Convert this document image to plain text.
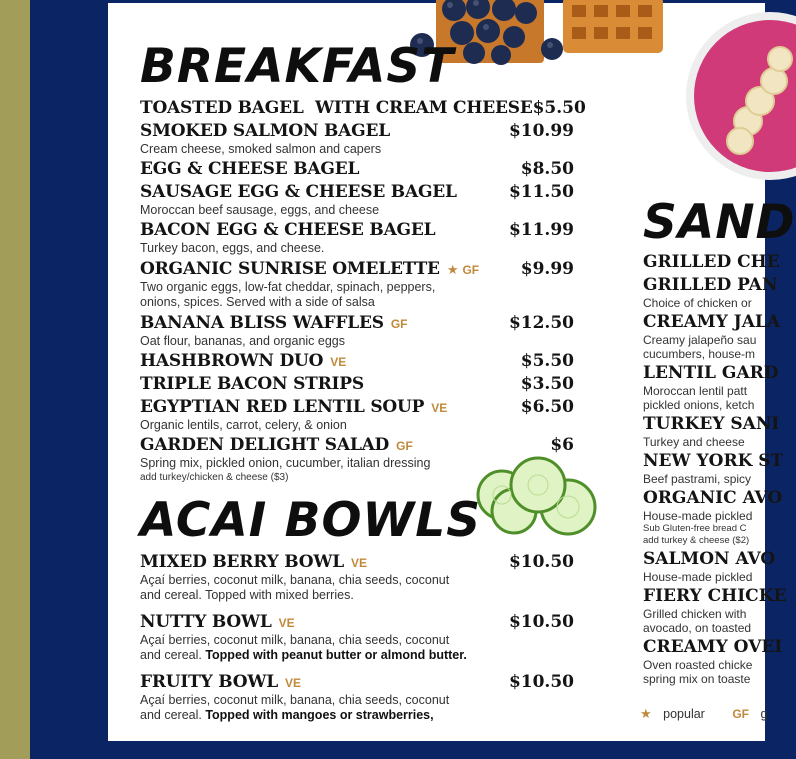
BREAKFAST
TOASTED BAGEL  WITH CREAM CHEESE $5.50
SMOKED SALMON BAGEL	$10.99
Cream cheese, smoked salmon and capers
EGG & CHEESE BAGEL	$8.50
SAUSAGE EGG & CHEESE BAGEL	$11.50
Moroccan beef sausage, eggs, and cheese
BACON EGG & CHEESE BAGEL	$11.99
Turkey bacon, eggs, and cheese.
ORGANIC SUNRISE OMELETTE ★ GF $9.99
Two organic eggs, low-fat cheddar, spinach, peppers,
onions, spices. Served with a side of salsa
BANANA BLISS WAFFLES GF	$12.50
Oat flour, bananas, and organic eggs
HASHBROWN DUO VE	$5.50
TRIPLE BACON STRIPS	$3.50
EGYPTIAN RED LENTIL SOUP VE	$6.50
Organic lentils, carrot, celery, & onion
GARDEN DELIGHT SALAD GF	$6
Spring mix, pickled onion, cucumber, italian dressing
add turkey/chicken & cheese ($3)
ACAI BOWLS
MIXED BERRY BOWL VE	$10.50
Açaí berries, coconut milk, banana, chia seeds, coconut
and cereal. Topped with mixed berries.
NUTTY BOWL VE	$10.50
Açaí berries, coconut milk, banana, chia seeds, coconut
and cereal. Topped with peanut butter or almond butter.
FRUITY BOWL VE	$10.50
Açaí berries, coconut milk, banana, chia seeds, coconut
and cereal. Topped with mangoes or strawberries,
SAND
GRILLED CHE
GRILLED PAN
Choice of chicken or
CREAMY JALA
Creamy jalapeño sau
cucumbers, house-m
LENTIL GARD
Moroccan lentil patt
pickled onions, ketch
TURKEY SANI
Turkey and cheese
NEW YORK ST
Beef pastrami, spicy
ORGANIC AVO
House-made pickled
Sub Gluten-free bread C
add turkey & cheese ($2)
SALMON AVO
House-made pickled
FIERY CHICKE
Grilled chicken with
avocado, on toasted
CREAMY OVEI
Oven roasted chicke
spring mix on toaste
★ popular GF g
